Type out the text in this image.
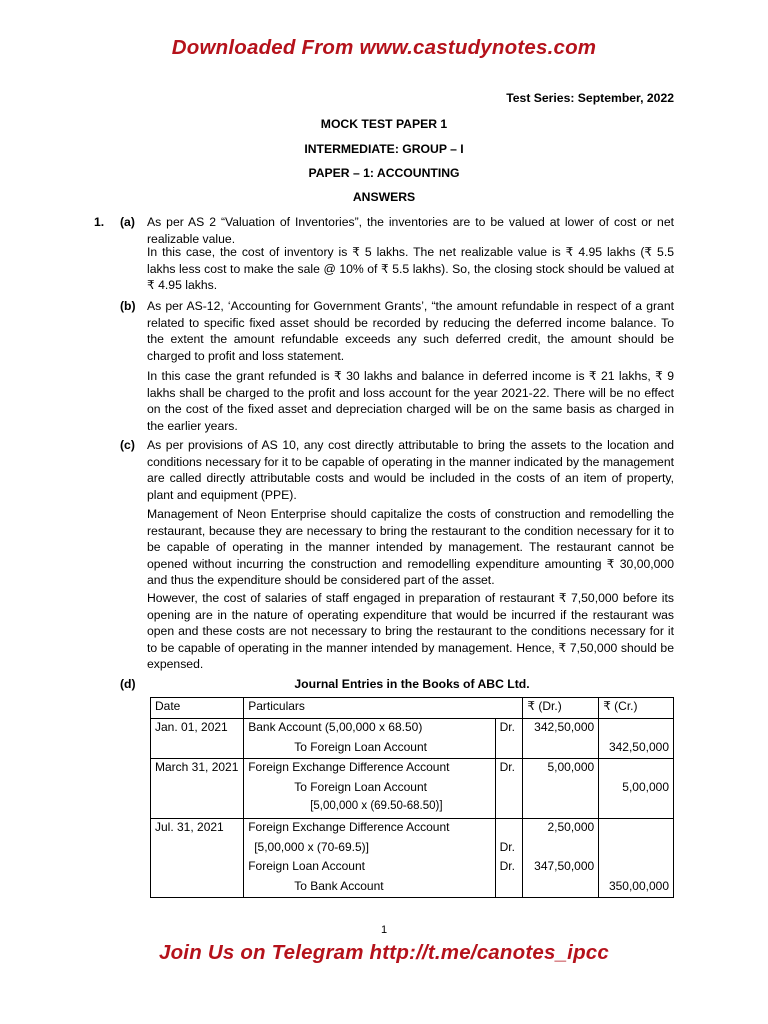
Downloaded From www.castudynotes.com
Test Series: September, 2022
MOCK TEST PAPER 1
INTERMEDIATE: GROUP – I
PAPER – 1: ACCOUNTING
ANSWERS
1. (a) As per AS 2 “Valuation of Inventories”, the inventories are to be valued at lower of cost or net realizable value.
In this case, the cost of inventory is ₹ 5 lakhs. The net realizable value is ₹ 4.95 lakhs (₹ 5.5 lakhs less cost to make the sale @ 10% of ₹ 5.5 lakhs). So, the closing stock should be valued at ₹ 4.95 lakhs.
(b) As per AS-12, ‘Accounting for Government Grants’, “the amount refundable in respect of a grant related to specific fixed asset should be recorded by reducing the deferred income balance. To the extent the amount refundable exceeds any such deferred credit, the amount should be charged to profit and loss statement.
In this case the grant refunded is ₹ 30 lakhs and balance in deferred income is ₹ 21 lakhs, ₹ 9 lakhs shall be charged to the profit and loss account for the year 2021-22. There will be no effect on the cost of the fixed asset and depreciation charged will be on the same basis as charged in the earlier years.
(c) As per provisions of AS 10, any cost directly attributable to bring the assets to the location and conditions necessary for it to be capable of operating in the manner indicated by the management are called directly attributable costs and would be included in the costs of an item of property, plant and equipment (PPE).
Management of Neon Enterprise should capitalize the costs of construction and remodelling the restaurant, because they are necessary to bring the restaurant to the condition necessary for it to be capable of operating in the manner intended by management. The restaurant cannot be opened without incurring the construction and remodelling expenditure amounting ₹ 30,00,000 and thus the expenditure should be considered part of the asset.
However, the cost of salaries of staff engaged in preparation of restaurant ₹ 7,50,000 before its opening are in the nature of operating expenditure that would be incurred if the restaurant was open and these costs are not necessary to bring the restaurant to the conditions necessary for it to be capable of operating in the manner intended by management. Hence, ₹ 7,50,000 should be expensed.
(d)	Journal Entries in the Books of ABC Ltd.
Date	Particulars		₹ (Dr.)	₹ (Cr.)
Jan. 01, 2021	Bank Account (5,00,000 x 68.50)	Dr.	342,50,000	
	To Foreign Loan Account			342,50,000
March 31, 2021	Foreign Exchange Difference Account	Dr.	5,00,000	
	To Foreign Loan Account			5,00,000
	[5,00,000 x (69.50-68.50)]			
Jul. 31, 2021	Foreign Exchange Difference Account		2,50,000	
	[5,00,000 x (70-69.5)]	Dr.		
	Foreign Loan Account	Dr.	347,50,000	
	To Bank Account			350,00,000
1
Join Us on Telegram http://t.me/canotes_ipcc
